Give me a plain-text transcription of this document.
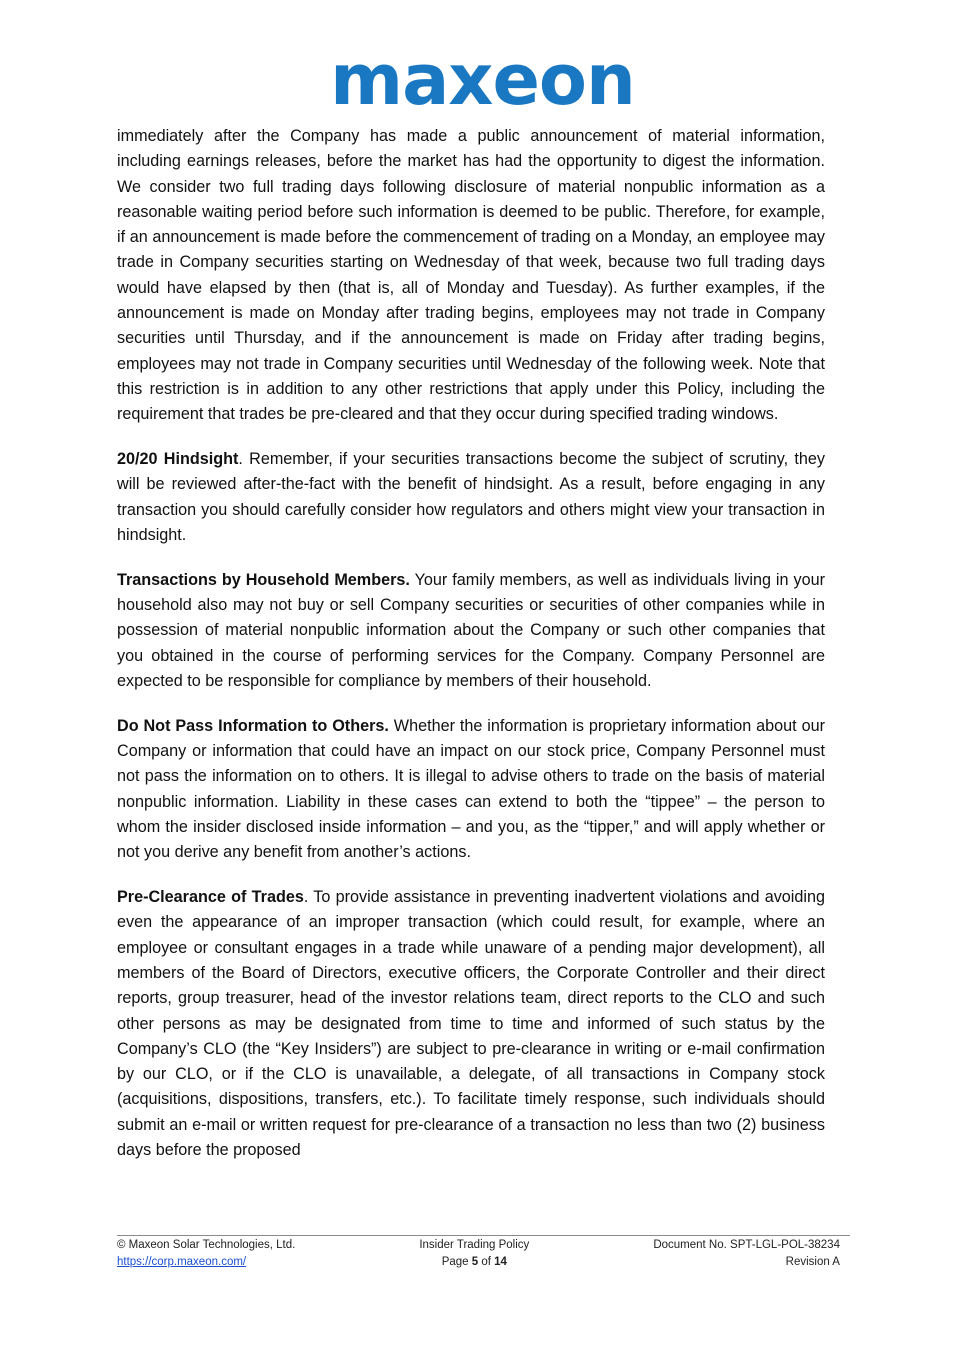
maxeon

immediately after the Company has made a public announcement of material information, including earnings releases, before the market has had the opportunity to digest the information. We consider two full trading days following disclosure of material nonpublic information as a reasonable waiting period before such information is deemed to be public. Therefore, for example, if an announcement is made before the commencement of trading on a Monday, an employee may trade in Company securities starting on Wednesday of that week, because two full trading days would have elapsed by then (that is, all of Monday and Tuesday). As further examples, if the announcement is made on Monday after trading begins, employees may not trade in Company securities until Thursday, and if the announcement is made on Friday after trading begins, employees may not trade in Company securities until Wednesday of the following week. Note that this restriction is in addition to any other restrictions that apply under this Policy, including the requirement that trades be pre-cleared and that they occur during specified trading windows.

20/20 Hindsight. Remember, if your securities transactions become the subject of scrutiny, they will be reviewed after-the-fact with the benefit of hindsight. As a result, before engaging in any transaction you should carefully consider how regulators and others might view your transaction in hindsight.

Transactions by Household Members. Your family members, as well as individuals living in your household also may not buy or sell Company securities or securities of other companies while in possession of material nonpublic information about the Company or such other companies that you obtained in the course of performing services for the Company. Company Personnel are expected to be responsible for compliance by members of their household.

Do Not Pass Information to Others. Whether the information is proprietary information about our Company or information that could have an impact on our stock price, Company Personnel must not pass the information on to others. It is illegal to advise others to trade on the basis of material nonpublic information. Liability in these cases can extend to both the “tippee” – the person to whom the insider disclosed inside information – and you, as the “tipper,” and will apply whether or not you derive any benefit from another’s actions.

Pre-Clearance of Trades. To provide assistance in preventing inadvertent violations and avoiding even the appearance of an improper transaction (which could result, for example, where an employee or consultant engages in a trade while unaware of a pending major development), all members of the Board of Directors, executive officers, the Corporate Controller and their direct reports, group treasurer, head of the investor relations team, direct reports to the CLO and such other persons as may be designated from time to time and informed of such status by the Company’s CLO (the “Key Insiders”) are subject to pre-clearance in writing or e-mail confirmation by our CLO, or if the CLO is unavailable, a delegate, of all transactions in Company stock (acquisitions, dispositions, transfers, etc.). To facilitate timely response, such individuals should submit an e-mail or written request for pre-clearance of a transaction no less than two (2) business days before the proposed

© Maxeon Solar Technologies, Ltd.
https://corp.maxeon.com/
Insider Trading Policy
Page 5 of 14
Document No. SPT-LGL-POL-38234
Revision A
